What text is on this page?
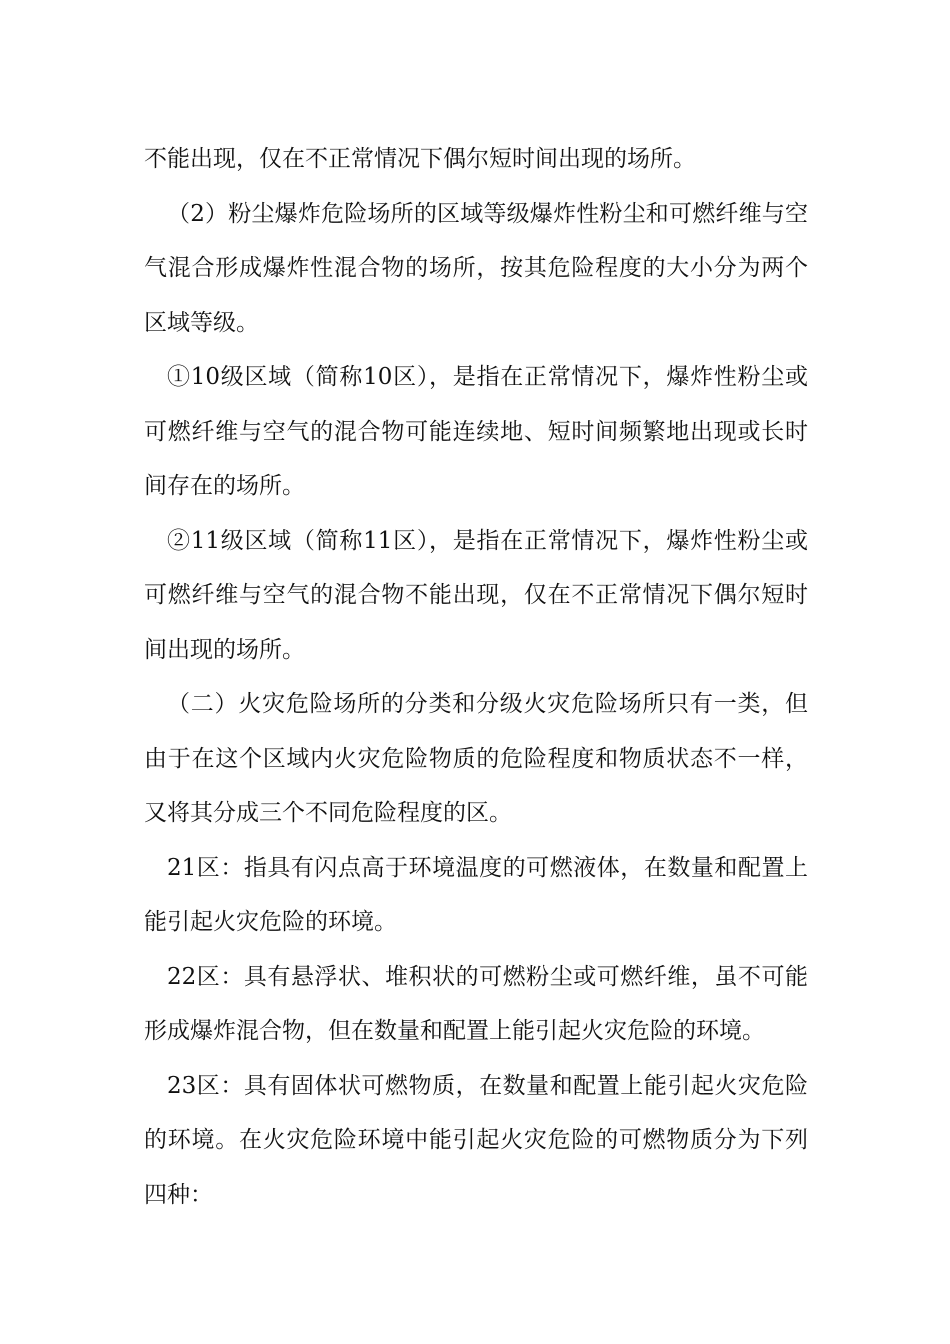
不能出现，仅在不正常情况下偶尔短时间出现的场所。

（2）粉尘爆炸危险场所的区域等级爆炸性粉尘和可燃纤维与空气混合形成爆炸性混合物的场所，按其危险程度的大小分为两个区域等级。

①10级区域（简称10区），是指在正常情况下，爆炸性粉尘或可燃纤维与空气的混合物可能连续地、短时间频繁地出现或长时间存在的场所。

②11级区域（简称11区），是指在正常情况下，爆炸性粉尘或可燃纤维与空气的混合物不能出现，仅在不正常情况下偶尔短时间出现的场所。

（二）火灾危险场所的分类和分级火灾危险场所只有一类，但由于在这个区域内火灾危险物质的危险程度和物质状态不一样，又将其分成三个不同危险程度的区。

21区：指具有闪点高于环境温度的可燃液体，在数量和配置上能引起火灾危险的环境。

22区：具有悬浮状、堆积状的可燃粉尘或可燃纤维，虽不可能形成爆炸混合物，但在数量和配置上能引起火灾危险的环境。

23区：具有固体状可燃物质，在数量和配置上能引起火灾危险的环境。在火灾危险环境中能引起火灾危险的可燃物质分为下列四种：
